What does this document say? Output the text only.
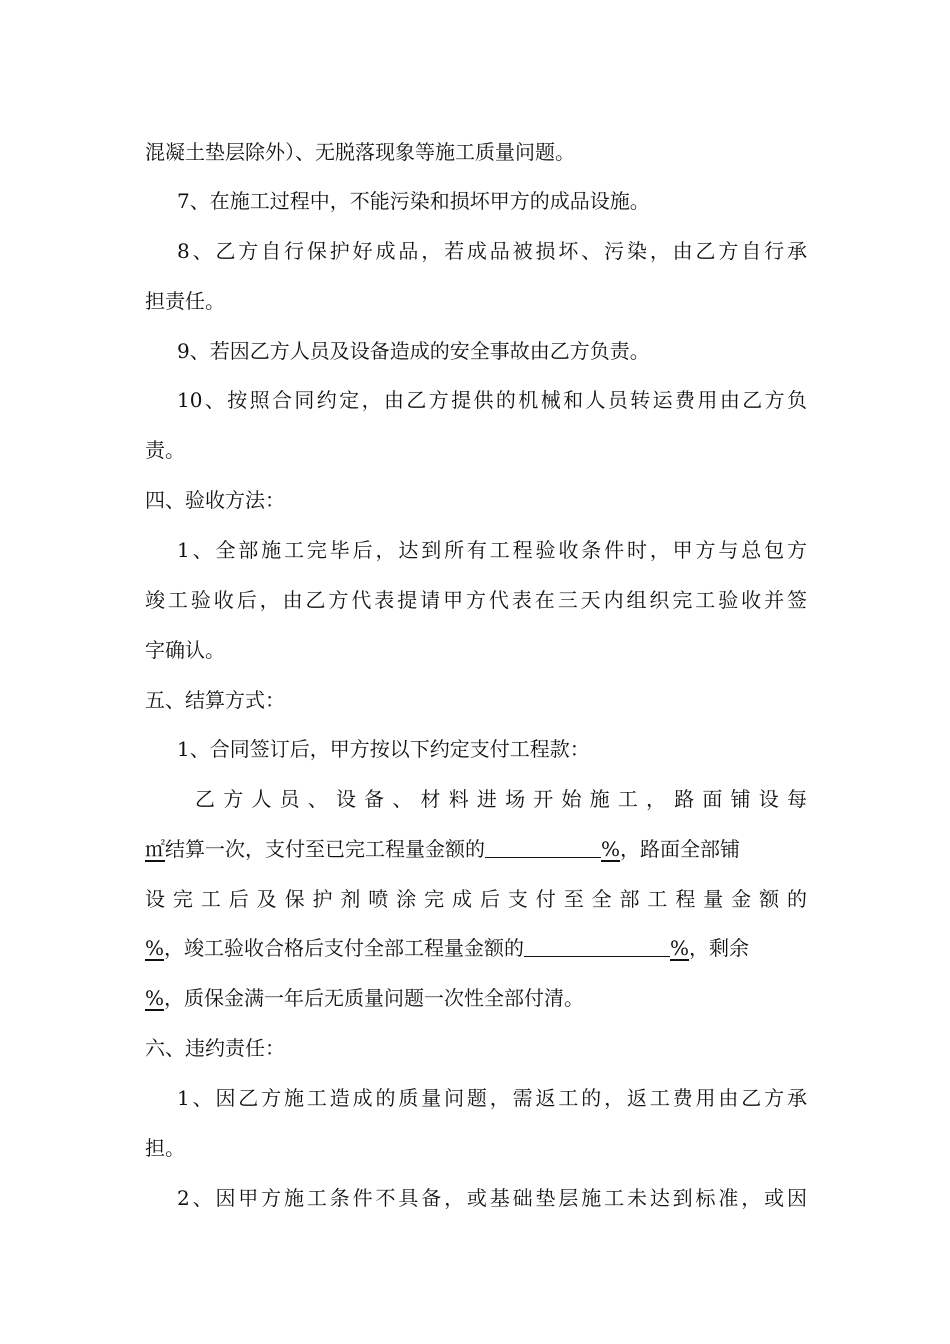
混凝土垫层除外）、无脱落现象等施工质量问题。
7、在施工过程中，不能污染和损坏甲方的成品设施。
8、乙方自行保护好成品，若成品被损坏、污染，由乙方自行承
担责任。
9、若因乙方人员及设备造成的安全事故由乙方负责。
10、按照合同约定，由乙方提供的机械和人员转运费用由乙方负
责。
四、验收方法：
1、全部施工完毕后，达到所有工程验收条件时，甲方与总包方
竣工验收后，由乙方代表提请甲方代表在三天内组织完工验收并签
字确认。
五、结算方式：
1、合同签订后，甲方按以下约定支付工程款：
乙方人员、设备、材料进场开始施工，路面铺设每
㎡结算一次，支付至已完工程量金额的	%，路面全部铺
设完工后及保护剂喷涂完成后支付至全部工程量金额的
%，竣工验收合格后支付全部工程量金额的	%，剩余
%，质保金满一年后无质量问题一次性全部付清。
六、违约责任：
1、因乙方施工造成的质量问题，需返工的，返工费用由乙方承
担。
2、因甲方施工条件不具备，或基础垫层施工未达到标准，或因
